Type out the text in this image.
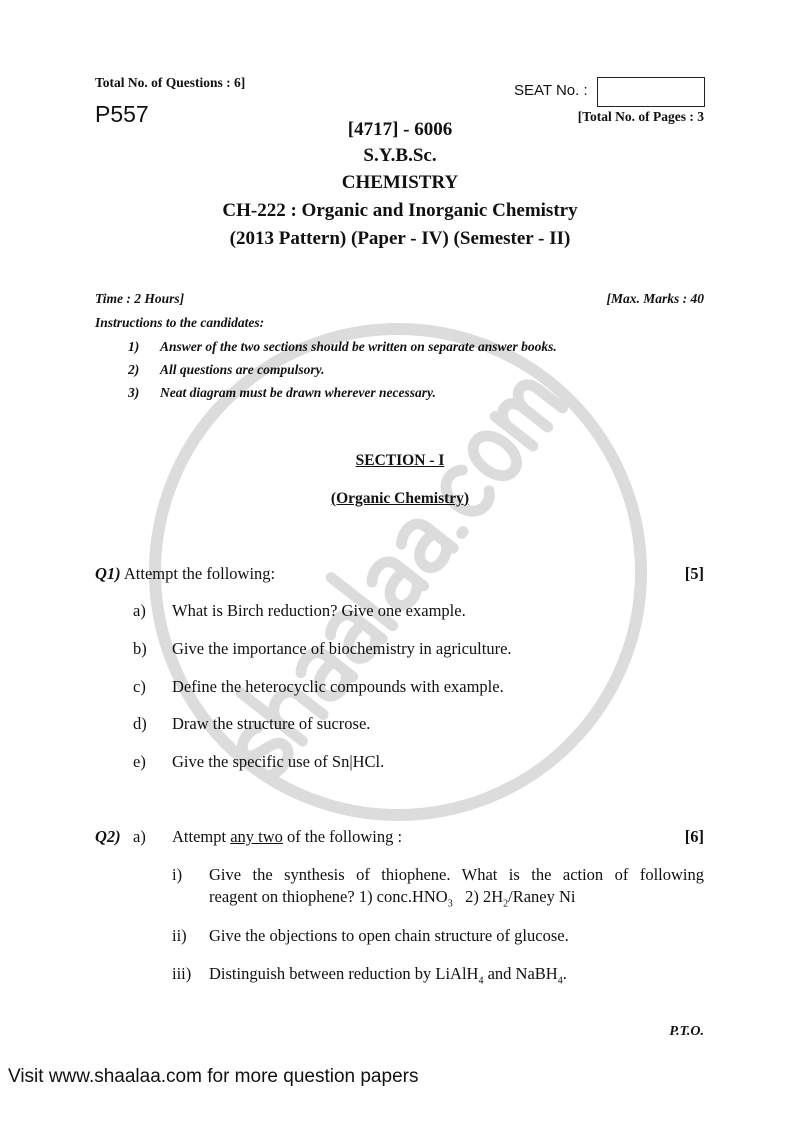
Total No. of Questions : 6]
P557
SEAT No. :
[Total No. of Pages : 3
[4717] - 6006
S.Y.B.Sc.
CHEMISTRY
CH-222 : Organic and Inorganic Chemistry
(2013 Pattern) (Paper - IV) (Semester - II)
Time : 2 Hours]	[Max. Marks : 40
Instructions to the candidates:
1) Answer of the two sections should be written on separate answer books.
2) All questions are compulsory.
3) Neat diagram must be drawn wherever necessary.
SECTION - I
(Organic Chemistry)
Q1) Attempt the following:	[5]
a) What is Birch reduction? Give one example.
b) Give the importance of biochemistry in agriculture.
c) Define the heterocyclic compounds with example.
d) Draw the structure of sucrose.
e) Give the specific use of Sn|HCl.
Q2) a) Attempt any two of the following :	[6]
i) Give the synthesis of thiophene. What is the action of following
reagent on thiophene? 1) $conc.HNO_3$ 2) $2H_2$/Raney Ni
ii) Give the objections to open chain structure of glucose.
iii) Distinguish between reduction by LiAlH$_4$ and NaBH$_4$.
P.T.O.
Visit www.shaalaa.com for more question papers
